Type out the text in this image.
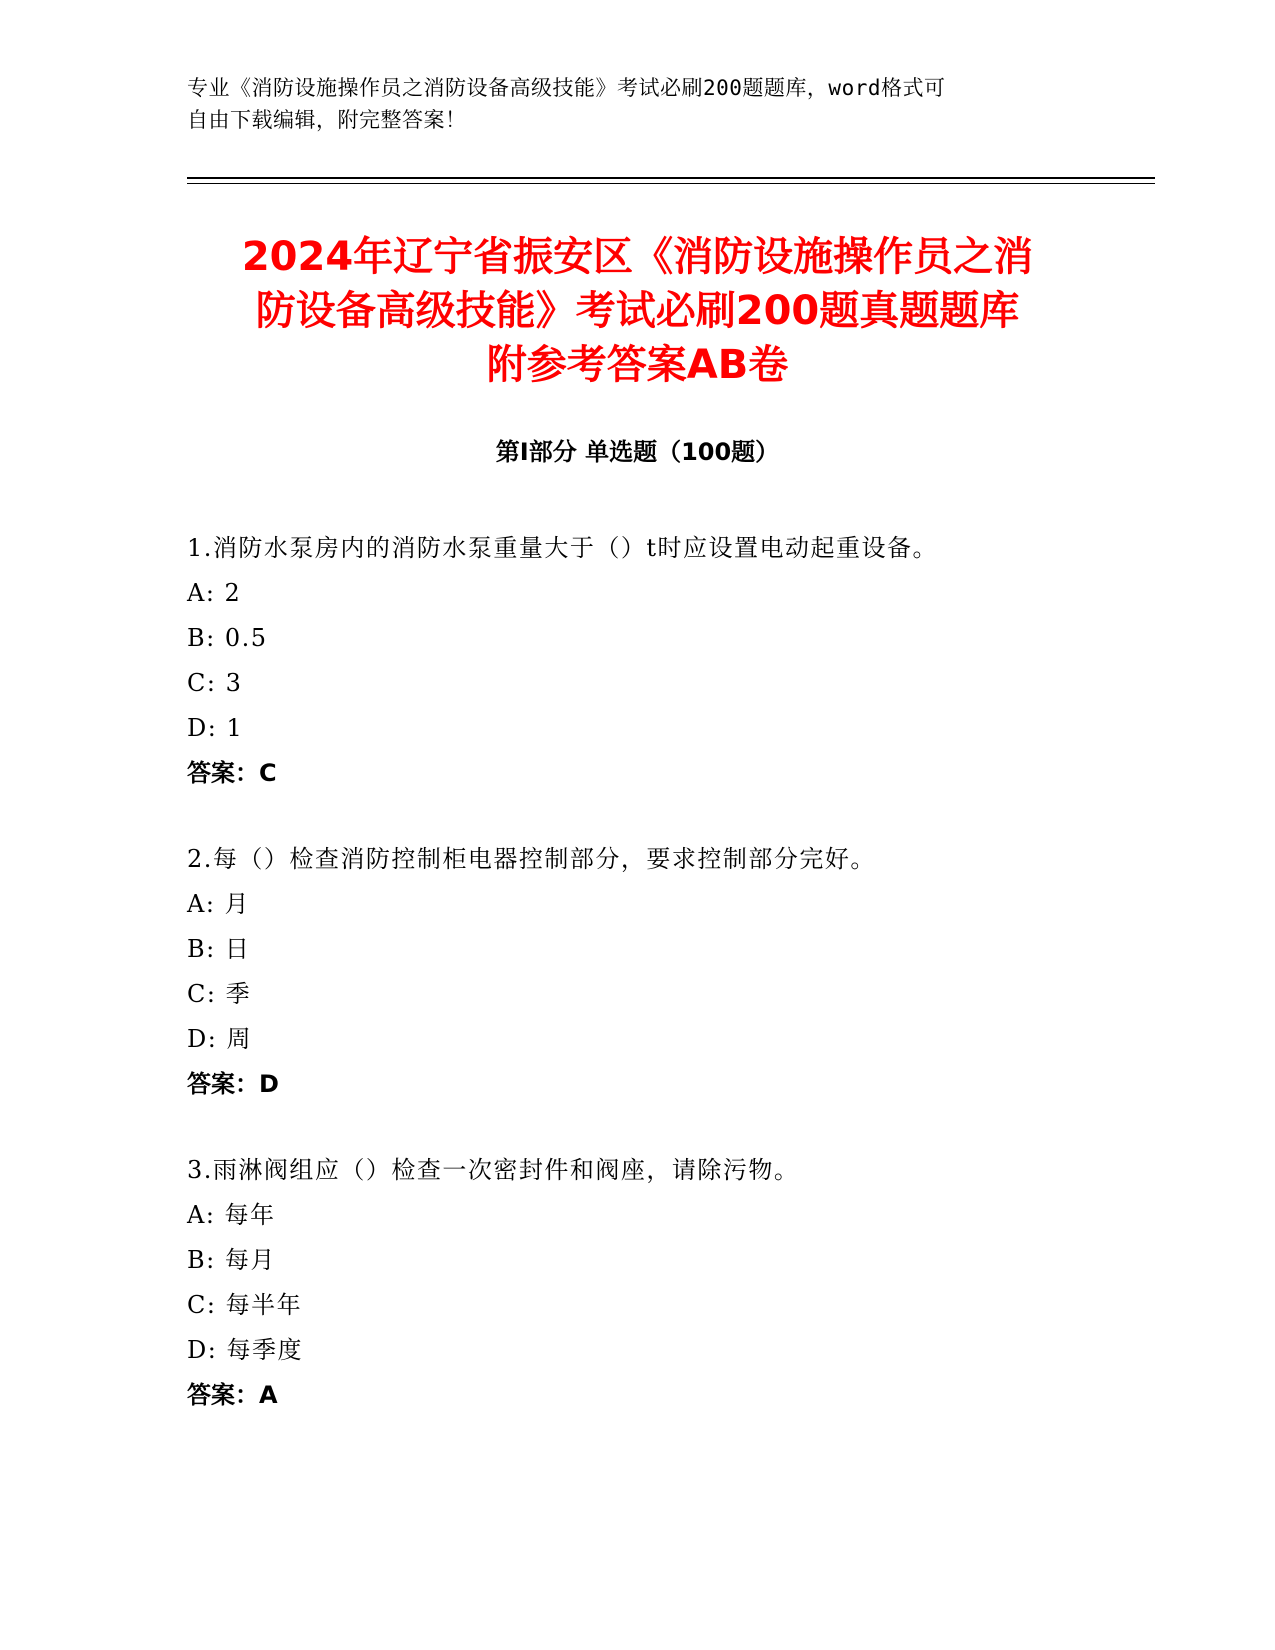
专业《消防设施操作员之消防设备高级技能》考试必刷200题题库，word格式可
自由下载编辑，附完整答案！
2024年辽宁省振安区《消防设施操作员之消
防设备高级技能》考试必刷200题真题题库
附参考答案AB卷
第Ⅰ部分 单选题（100题）
1.消防水泵房内的消防水泵重量大于（）t时应设置电动起重设备。
A: 2
B: 0.5
C: 3
D: 1
答案：C
2.每（）检查消防控制柜电器控制部分，要求控制部分完好。
A: 月
B: 日
C: 季
D: 周
答案：D
3.雨淋阀组应（）检查一次密封件和阀座，请除污物。
A: 每年
B: 每月
C: 每半年
D: 每季度
答案：A
